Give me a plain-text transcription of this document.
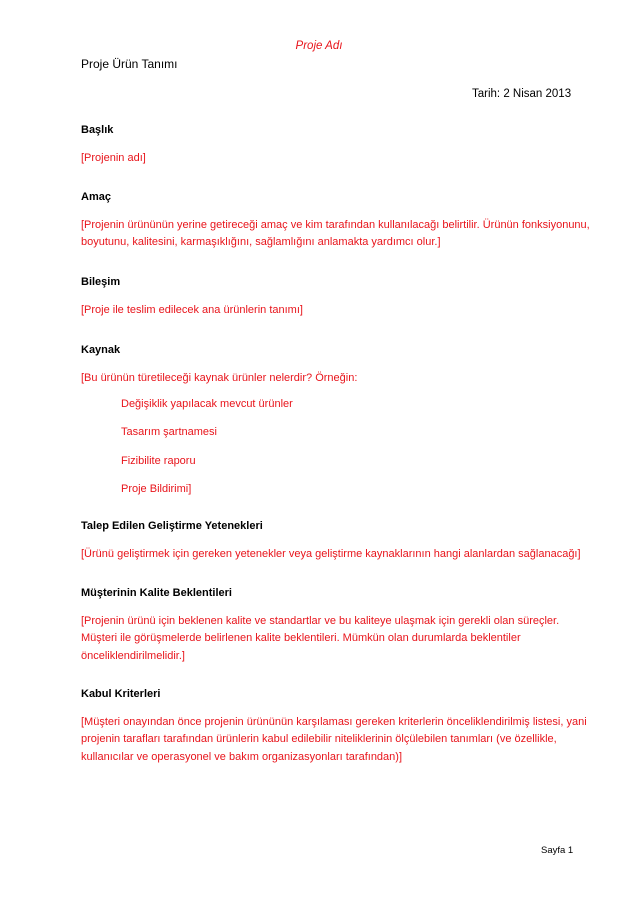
Proje Adı
Proje Ürün Tanımı
Tarih: 2 Nisan 2013
Başlık
[Projenin adı]
Amaç
[Projenin ürününün yerine getireceği amaç ve kim tarafından kullanılacağı belirtilir. Ürünün fonksiyonunu,
boyutunu, kalitesini, karmaşıklığını, sağlamlığını anlamakta yardımcı olur.]
Bileşim
[Proje ile teslim edilecek ana ürünlerin tanımı]
Kaynak
[Bu ürünün türetileceği kaynak ürünler nelerdir? Örneğin:
Değişiklik yapılacak mevcut ürünler
Tasarım şartnamesi
Fizibilite raporu
Proje Bildirimi]
Talep Edilen Geliştirme Yetenekleri
[Ürünü geliştirmek için gereken yetenekler veya geliştirme kaynaklarının hangi alanlardan sağlanacağı]
Müşterinin Kalite Beklentileri
[Projenin ürünü için beklenen kalite ve standartlar ve bu kaliteye ulaşmak için gerekli olan süreçler.
Müşteri ile görüşmelerde belirlenen kalite beklentileri. Mümkün olan durumlarda beklentiler
önceliklendirilmelidir.]
Kabul Kriterleri
[Müşteri onayından önce projenin ürününün karşılaması gereken kriterlerin önceliklendirilmiş listesi, yani
projenin tarafları tarafından ürünlerin kabul edilebilir niteliklerinin ölçülebilen tanımları (ve özellikle,
kullanıcılar ve operasyonel ve bakım organizasyonları tarafından)]
Sayfa 1
